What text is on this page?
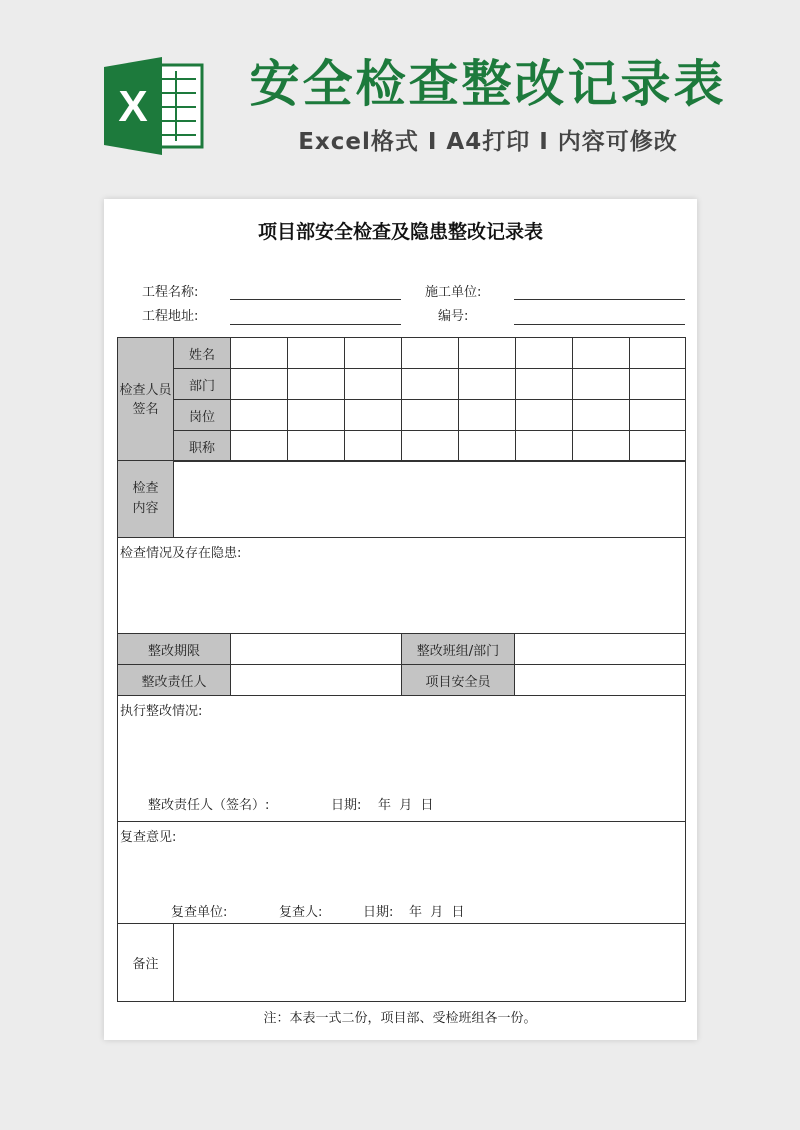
X	安全检查整改记录表
Excel格式 I A4打印 I 内容可修改
项目部安全检查及隐患整改记录表
工程名称:	施工单位:
工程地址:	编号:
检查人员签名	姓名								
	部门								
	岗位								
	职称								
检查内容				
检查情况及存在隐患:				
整改期限			整改班组/部门	
整改责任人			项目安全员	
执行整改情况:
整改责任人（签名）: 日期: 年  月  日				

复查意见:
复查单位: 复查人: 日期: 年  月  日				

备注				
注：本表一式二份，项目部、受检班组各一份。
